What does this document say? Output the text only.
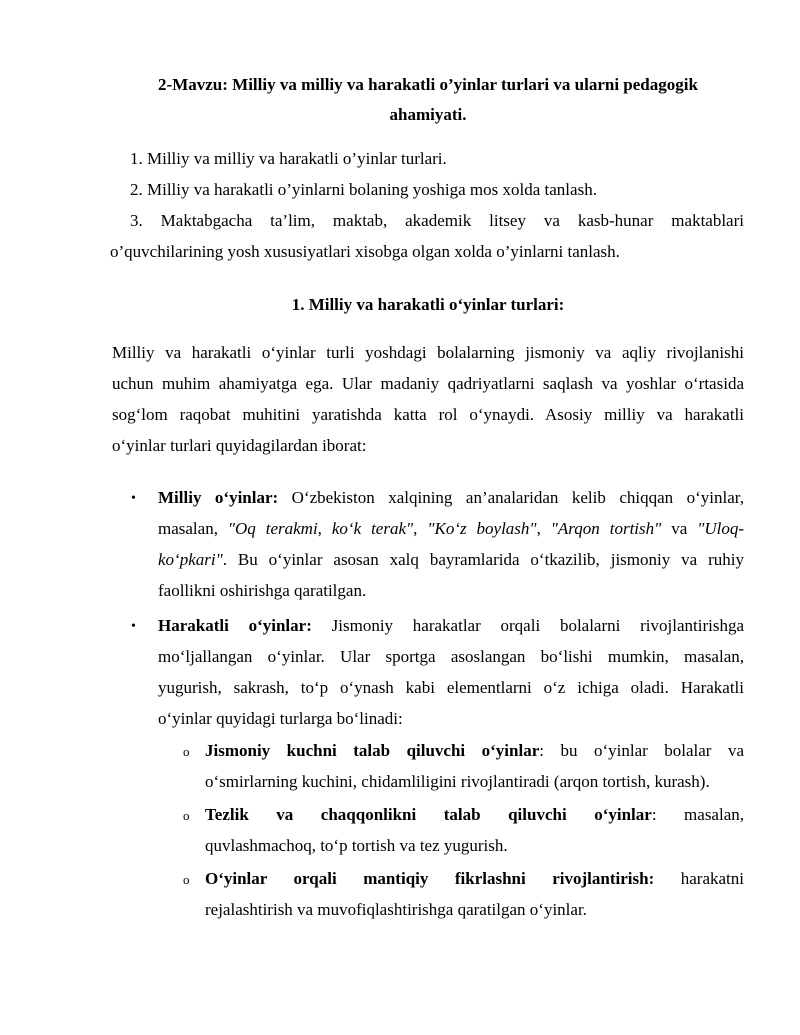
2-Mavzu: Milliy va milliy va harakatli o’yinlar turlari va ularni pedagogik
ahamiyati.
1. Milliy va milliy va harakatli o’yinlar turlari.
2. Milliy va harakatli o’yinlarni bolaning yoshiga mos xolda tanlash.
3. Maktabgacha ta’lim, maktab, akademik litsey va kasb-hunar maktablari
o’quvchilarining yosh xususiyatlari xisobga olgan xolda o’yinlarni tanlash.
1. Milliy va harakatli oʻyinlar turlari:
Milliy va harakatli oʻyinlar turli yoshdagi bolalarning jismoniy va aqliy rivojlanishi
uchun muhim ahamiyatga ega. Ular madaniy qadriyatlarni saqlash va yoshlar oʻrtasida
sogʻlom raqobat muhitini yaratishda katta rol oʻynaydi. Asosiy milliy va harakatli
oʻyinlar turlari quyidagilardan iborat:
• Milliy oʻyinlar: Oʻzbekiston xalqining an’analaridan kelib chiqqan oʻyinlar,
masalan, "Oq terakmi, koʻk terak", "Koʻz boylash", "Arqon tortish" va "Uloq-
koʻpkari". Bu oʻyinlar asosan xalq bayramlarida oʻtkazilib, jismoniy va ruhiy
faollikni oshirishga qaratilgan.
• Harakatli oʻyinlar: Jismoniy harakatlar orqali bolalarni rivojlantirishga
moʻljallangan oʻyinlar. Ular sportga asoslangan boʻlishi mumkin, masalan,
yugurish, sakrash, toʻp oʻynash kabi elementlarni oʻz ichiga oladi. Harakatli
oʻyinlar quyidagi turlarga boʻlinadi:
o Jismoniy kuchni talab qiluvchi oʻyinlar: bu oʻyinlar bolalar va
oʻsmirlarning kuchini, chidamliligini rivojlantiradi (arqon tortish, kurash).
o Tezlik va chaqqonlikni talab qiluvchi oʻyinlar: masalan,
quvlashmachoq, toʻp tortish va tez yugurish.
o Oʻyinlar orqali mantiqiy fikrlashni rivojlantirish: harakatni
rejalashtirish va muvofiqlashtirishga qaratilgan oʻyinlar.
